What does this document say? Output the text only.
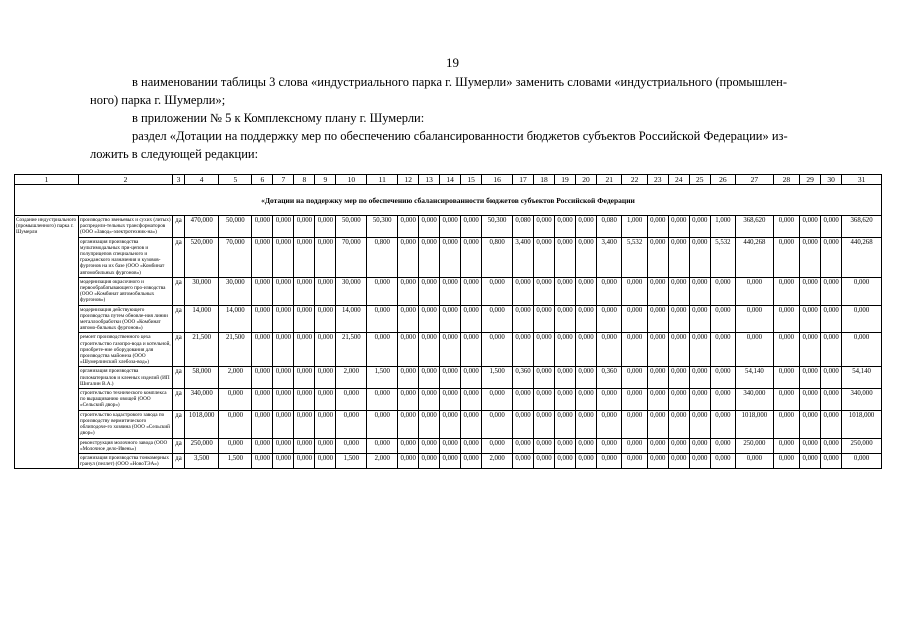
19
в наименовании таблицы 3 слова «индустриального парка г. Шумерли» заменить словами «индустриального (промышлен-
ного) парка г. Шумерли»;
в приложении № 5 к Комплексному плану г. Шумерли:
раздел «Дотации на поддержку мер по обеспечению сбалансированности бюджетов субъектов Российской Федерации» из-
ложить в следующей редакции:
1	2	3	4	5	6	7	8	9	10	11	12	13	14	15	16	17	18	19	20	21	22	23	24	25	26	27	28	29	30	31
«Дотации на поддержку мер по обеспечению сбалансированности бюджетов субъектов Российской Федерации																														
Создание индустриального (промышленного) парка г. Шумерли	производство звеньевых и сухих (литых) распредели-тельных трансформаторов (ООО «Завод»-электротехник-на»)	да	470,000	50,000	0,000	0,000	0,000	0,000	50,000	50,300	0,000	0,000	0,000	0,000	50,300	0,080	0,000	0,000	0,000	0,080	1,000	0,000	0,000	0,000	1,000	368,620	0,000	0,000	0,000	368,620
	организация производства мультимодальных при-цепов и полуприцепов специального и гражданского назначения и кузовов-фургонов на их базе (ООО «Комбинат автомобильных фургонов»)	да	520,000	70,000	0,000	0,000	0,000	0,000	70,000	0,800	0,000	0,000	0,000	0,000	0,800	3,400	0,000	0,000	0,000	3,400	5,532	0,000	0,000	0,000	5,532	440,268	0,000	0,000	0,000	440,268
	модернизация окрасочного и первообрабатывающего про-изводства (ООО «Комбинат автомобильных фургонов»)	да	30,000	30,000	0,000	0,000	0,000	0,000	30,000	0,000	0,000	0,000	0,000	0,000	0,000	0,000	0,000	0,000	0,000	0,000	0,000	0,000	0,000	0,000	0,000	0,000	0,000	0,000	0,000	0,000
	модернизация действующего производства путем обновле-ния линии металлообработки (ООО «Комбинат автомо-бильных фургонов»)	да	14,000	14,000	0,000	0,000	0,000	0,000	14,000	0,000	0,000	0,000	0,000	0,000	0,000	0,000	0,000	0,000	0,000	0,000	0,000	0,000	0,000	0,000	0,000	0,000	0,000	0,000	0,000	0,000
	ремонт производственного цеха строительство газопро-вода и котельной, приобрете-ние оборудования для производства майонеза (ООО «Шумерлинский хлебоза-вод»)	да	21,500	21,500	0,000	0,000	0,000	0,000	21,500	0,000	0,000	0,000	0,000	0,000	0,000	0,000	0,000	0,000	0,000	0,000	0,000	0,000	0,000	0,000	0,000	0,000	0,000	0,000	0,000	0,000
	организация производства пиломатериалов и клееных изделий (ИП Шигалин В.А.)	да	58,000	2,000	0,000	0,000	0,000	0,000	2,000	1,500	0,000	0,000	0,000	0,000	1,500	0,360	0,000	0,000	0,000	0,360	0,000	0,000	0,000	0,000	0,000	54,140	0,000	0,000	0,000	54,140
	строительство технического комплекса по выращиванию овощей (ООО «Сельский двор»)	да	340,000	0,000	0,000	0,000	0,000	0,000	0,000	0,000	0,000	0,000	0,000	0,000	0,000	0,000	0,000	0,000	0,000	0,000	0,000	0,000	0,000	0,000	0,000	340,000	0,000	0,000	0,000	340,000
	строительство кадастрового завода по производству вермитического облиподоче-го хозяина (ООО «Сельский двор»)	да	1018,000	0,000	0,000	0,000	0,000	0,000	0,000	0,000	0,000	0,000	0,000	0,000	0,000	0,000	0,000	0,000	0,000	0,000	0,000	0,000	0,000	0,000	0,000	1018,000	0,000	0,000	0,000	1018,000
	реконструкция молочного завода (ООО «Молочное дело-Ивень»)	да	250,000	0,000	0,000	0,000	0,000	0,000	0,000	0,000	0,000	0,000	0,000	0,000	0,000	0,000	0,000	0,000	0,000	0,000	0,000	0,000	0,000	0,000	0,000	250,000	0,000	0,000	0,000	250,000
	организация производства тонкомерных гранул (пеллет) (ООО «НовоТЭА»)	да	3,500	1,500	0,000	0,000	0,000	0,000	1,500	2,000	0,000	0,000	0,000	0,000	2,000	0,000	0,000	0,000	0,000	0,000	0,000	0,000	0,000	0,000	0,000	0,000	0,000	0,000	0,000	0,000
